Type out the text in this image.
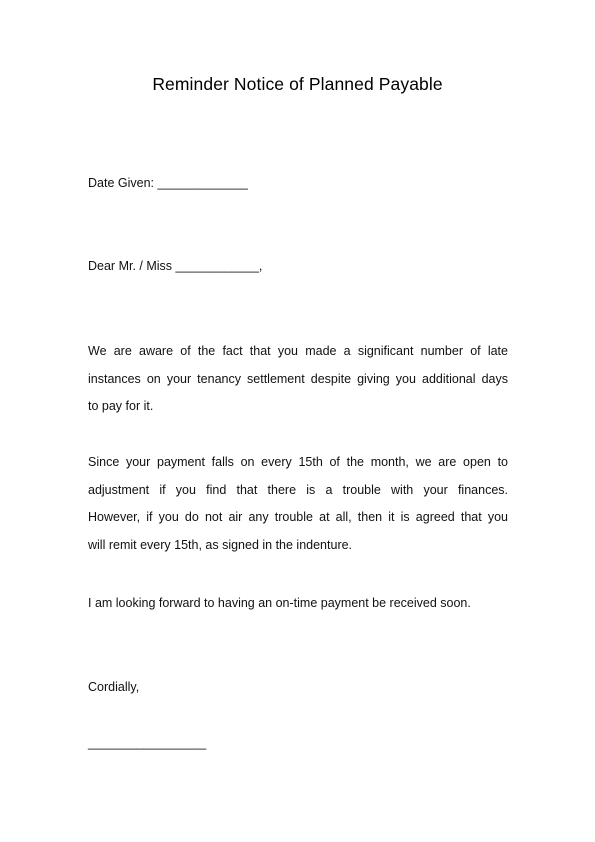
Reminder Notice of Planned Payable
Date Given: _____________
Dear Mr. / Miss ____________,
We are aware of the fact that you made a significant number of late
instances on your tenancy settlement despite giving you additional days
to pay for it.
Since your payment falls on every 15th of the month, we are open to
adjustment if you find that there is a trouble with your finances.
However, if you do not air any trouble at all, then it is agreed that you
will remit every 15th, as signed in the indenture.
I am looking forward to having an on-time payment be received soon.
Cordially,
_________________
